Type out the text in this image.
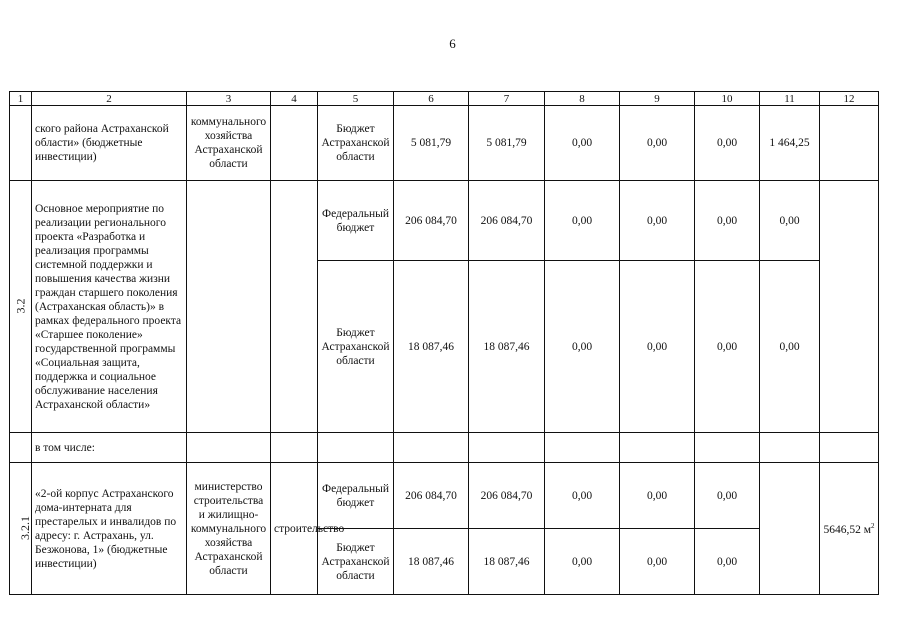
6
1	2	3	4	5	6	7	8	9	10	11	12
	ского района Астраханской области» (бюджетные инвестиции)	коммунального хозяйства Астраханской области		Бюджет Астраханской области	5 081,79	5 081,79	0,00	0,00	0,00	1 464,25	
3.2	Основное мероприятие по реализации регионального проекта «Разработка и реализация программы системной поддержки и повышения качества жизни граждан старшего поколения (Астраханская область)» в рамках федерального проекта «Старшее поколение» государственной программы «Социальная защита, поддержка и социальное обслуживание населения Астраханской области»			Федеральный бюджет	206 084,70	206 084,70	0,00	0,00	0,00	0,00	
				Бюджет Астраханской области	18 087,46	18 087,46	0,00	0,00	0,00	0,00	
	в том числе:										
3.2.1	«2-ой корпус Астраханского дома-интерната для престарелых и инвалидов по адресу: г. Астрахань, ул. Безжонова, 1» (бюджетные инвестиции)	министерство строительства и жилищно-коммунального хозяйства Астраханской области	строительство	Федеральный бюджет	206 084,70	206 084,70	0,00	0,00	0,00		5646,52 $м^2$
				Бюджет Астраханской области	18 087,46	18 087,46	0,00	0,00	0,00		
